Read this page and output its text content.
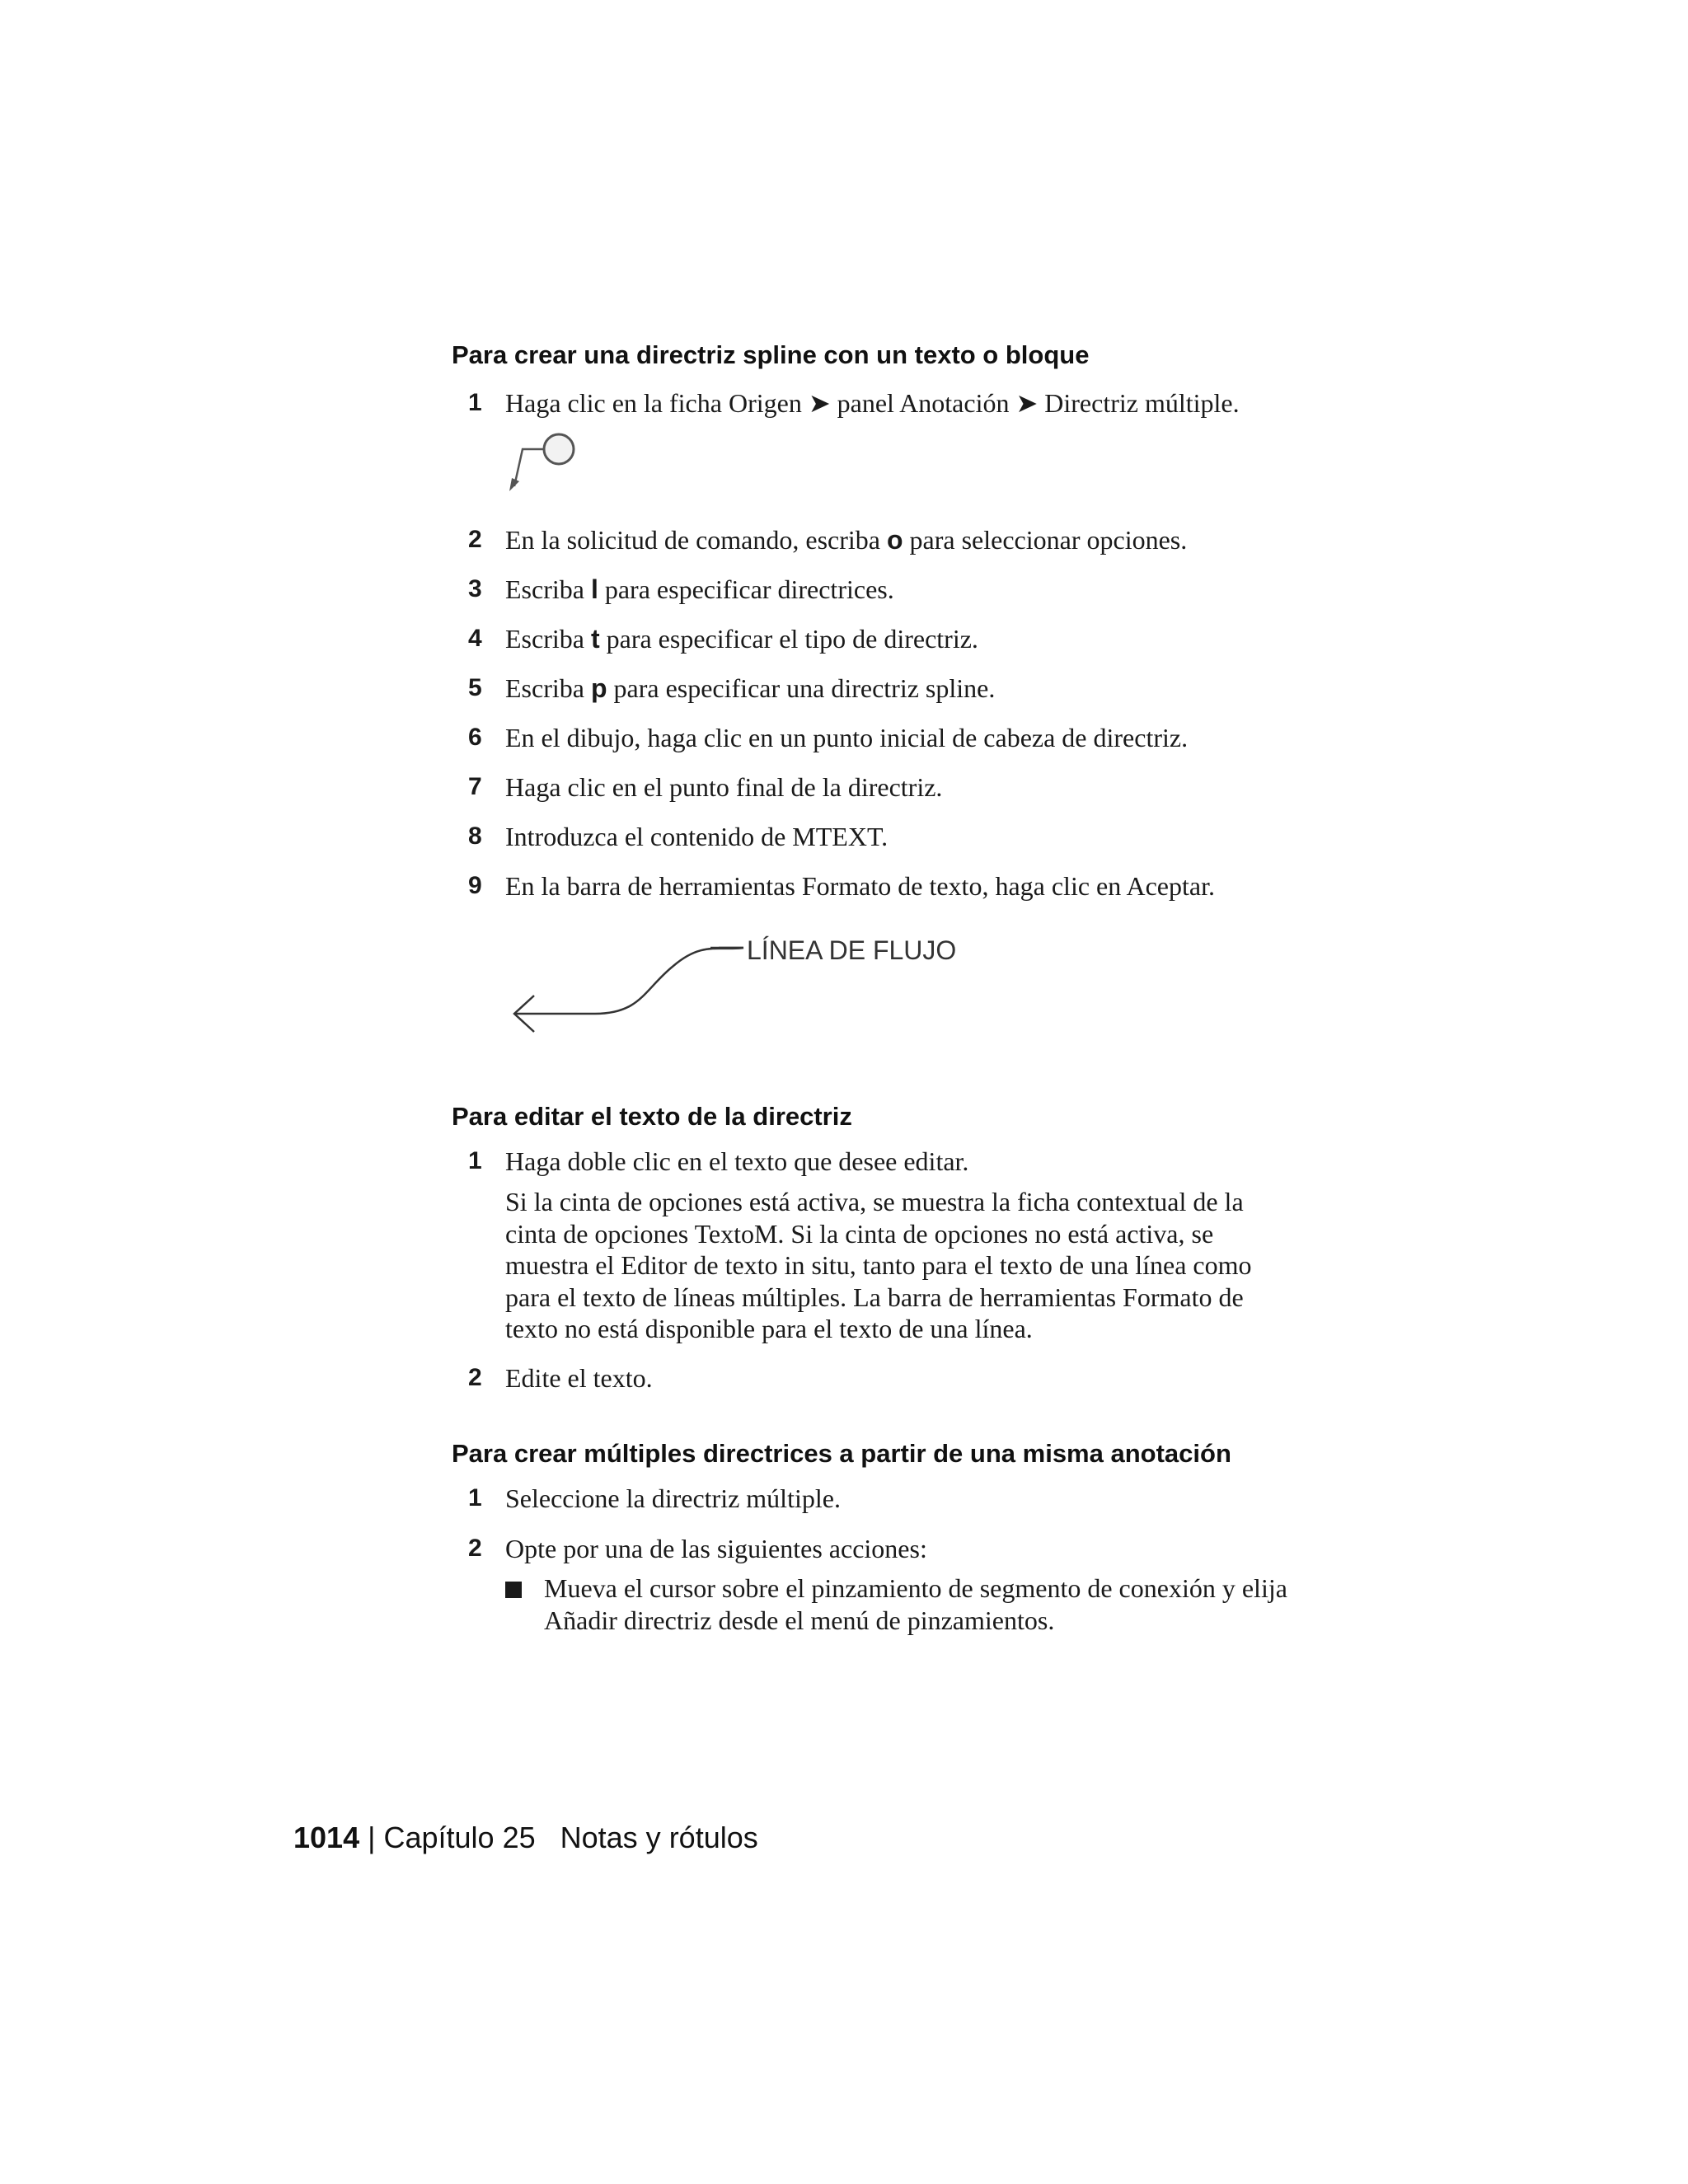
Para crear una directriz spline con un texto o bloque
1 Haga clic en la ficha Origen ➤ panel Anotación ➤ Directriz múltiple.
2 En la solicitud de comando, escriba o para seleccionar opciones.
3 Escriba l para especificar directrices.
4 Escriba t para especificar el tipo de directriz.
5 Escriba p para especificar una directriz spline.
6 En el dibujo, haga clic en un punto inicial de cabeza de directriz.
7 Haga clic en el punto final de la directriz.
8 Introduzca el contenido de MTEXT.
9 En la barra de herramientas Formato de texto, haga clic en Aceptar.
LÍNEA DE FLUJO
Para editar el texto de la directriz
1 Haga doble clic en el texto que desee editar.
Si la cinta de opciones está activa, se muestra la ficha contextual de la
cinta de opciones TextoM. Si la cinta de opciones no está activa, se
muestra el Editor de texto in situ, tanto para el texto de una línea como
para el texto de líneas múltiples. La barra de herramientas Formato de
texto no está disponible para el texto de una línea.
2 Edite el texto.
Para crear múltiples directrices a partir de una misma anotación
1 Seleccione la directriz múltiple.
2 Opte por una de las siguientes acciones:
Mueva el cursor sobre el pinzamiento de segmento de conexión y elija
Añadir directriz desde el menú de pinzamientos.
1014 | Capítulo 25 Notas y rótulos
